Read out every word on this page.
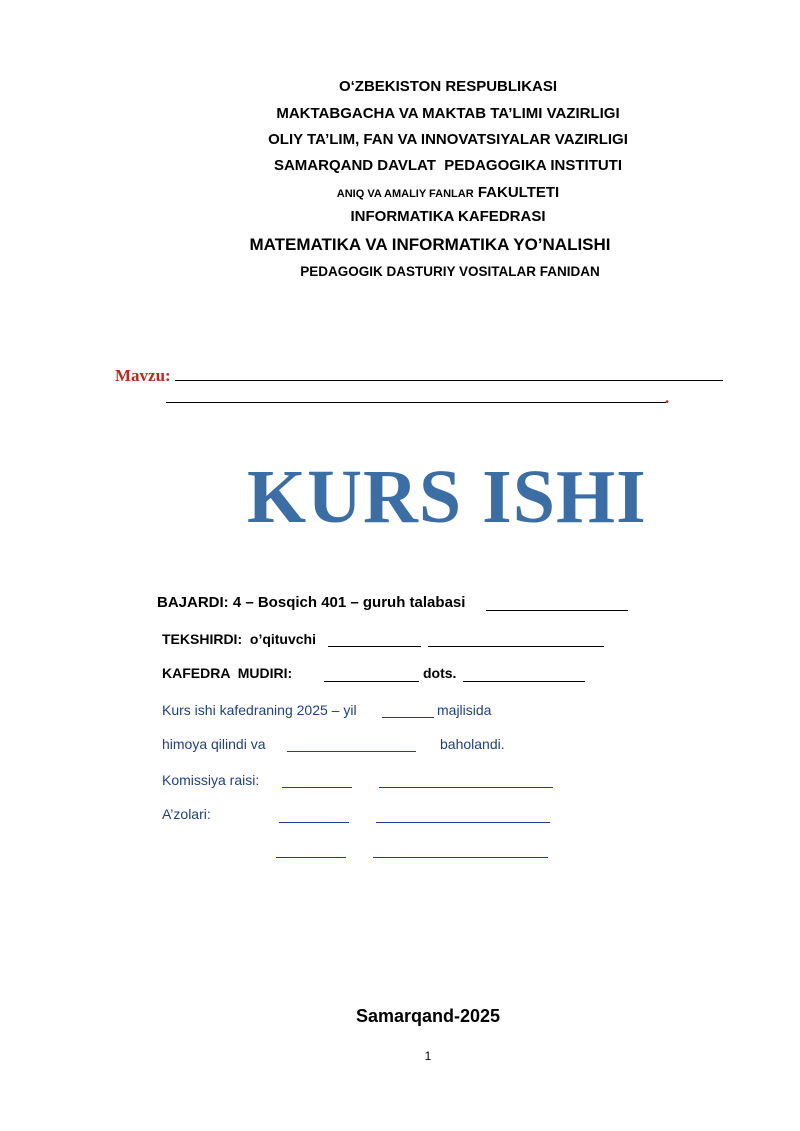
O‘ZBEKISTON RESPUBLIKASI
MAKTABGACHA VA MAKTAB TA’LIMI VAZIRLIGI
OLIY TA’LIM, FAN VA INNOVATSIYALAR VAZIRLIGI
SAMARQAND DAVLAT  PEDAGOGIKA INSTITUTI
ANIQ VA AMALIY FANLAR FAKULTETI
INFORMATIKA KAFEDRASI
MATEMATIKA VA INFORMATIKA YO’NALISHI
PEDAGOGIK DASTURIY VOSITALAR FANIDAN
Mavzu:
.
KURS ISHI
BAJARDI: 4 – Bosqich 401 – guruh talabasi
TEKSHIRDI:  o’qituvchi
KAFEDRA  MUDIRI:	dots.
Kurs ishi kafedraning 2025 – yil	majlisida
himoya qilindi va	baholandi.
Komissiya raisi:
A’zolari:
Samarqand-2025
1
